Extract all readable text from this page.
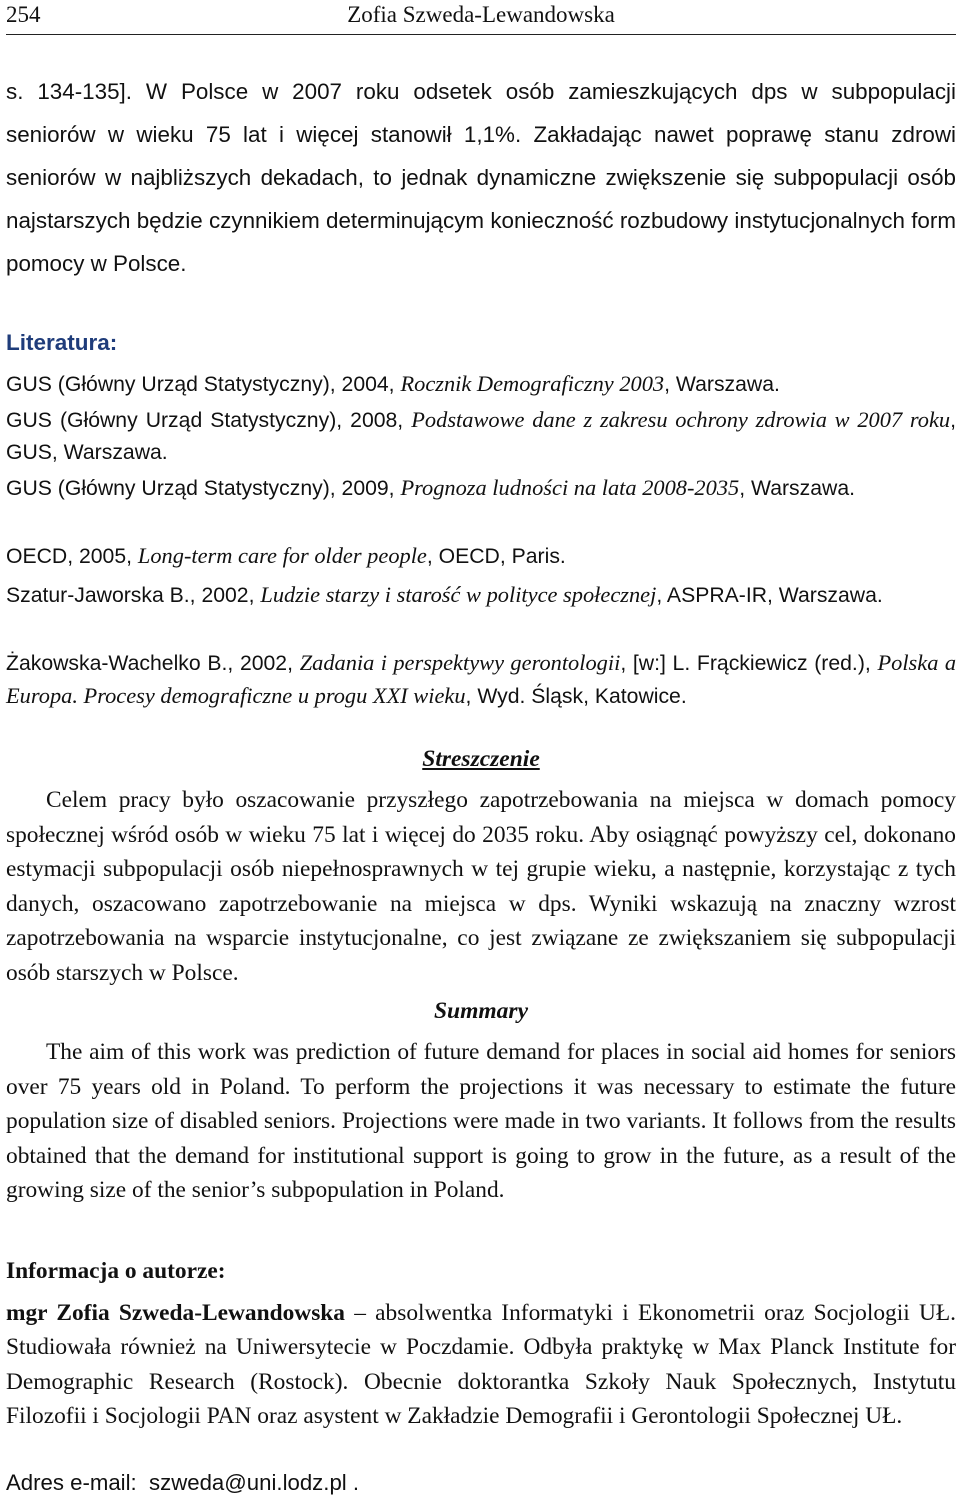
254	Zofia Szweda-Lewandowska
s. 134-135]. W Polsce w 2007 roku odsetek osób zamieszkujących dps w subpopulacji seniorów w wieku 75 lat i więcej stanowił 1,1%. Zakładając nawet poprawę stanu zdrowi seniorów w najbliższych dekadach, to jednak dynamiczne zwiększenie się subpopulacji osób najstarszych będzie czynnikiem determinującym konieczność rozbudowy instytucjonalnych form pomocy w Polsce.
Literatura:
GUS (Główny Urząd Statystyczny), 2004, Rocznik Demograficzny 2003, Warszawa.
GUS (Główny Urząd Statystyczny), 2008, Podstawowe dane z zakresu ochrony zdrowia w 2007 roku, GUS, Warszawa.
GUS (Główny Urząd Statystyczny), 2009, Prognoza ludności na lata 2008-2035, Warszawa.
OECD, 2005, Long-term care for older people, OECD, Paris.
Szatur-Jaworska B., 2002, Ludzie starzy i starość w polityce społecznej, ASPRA-IR, Warszawa.
Żakowska-Wachelko B., 2002, Zadania i perspektywy gerontologii, [w:] L. Frąckiewicz (red.), Polska a Europa. Procesy demograficzne u progu XXI wieku, Wyd. Śląsk, Katowice.
Streszczenie
Celem pracy było oszacowanie przyszłego zapotrzebowania na miejsca w domach pomocy społecznej wśród osób w wieku 75 lat i więcej do 2035 roku. Aby osiągnąć powyższy cel, dokonano estymacji subpopulacji osób niepełnosprawnych w tej grupie wieku, a następnie, korzystając z tych danych, oszacowano zapotrzebowanie na miejsca w dps. Wyniki wskazują na znaczny wzrost zapotrzebowania na wsparcie instytucjonalne, co jest związane ze zwiększaniem się subpopulacji osób starszych w Polsce.
Summary
The aim of this work was prediction of future demand for places in social aid homes for seniors over 75 years old in Poland. To perform the projections it was necessary to estimate the future population size of disabled seniors. Projections were made in two variants. It follows from the results obtained that the demand for institutional support is going to grow in the future, as a result of the growing size of the senior’s subpopulation in Poland.
Informacja o autorze:
mgr Zofia Szweda-Lewandowska – absolwentka Informatyki i Ekonometrii oraz Socjologii UŁ. Studiowała również na Uniwersytecie w Poczdamie. Odbyła praktykę w Max Planck Institute for Demographic Research (Rostock). Obecnie doktorantka Szkoły Nauk Społecznych, Instytutu Filozofii i Socjologii PAN oraz asystent w Zakładzie Demografii i Gerontologii Społecznej UŁ.
Adres e-mail: szweda@uni.lodz.pl .
